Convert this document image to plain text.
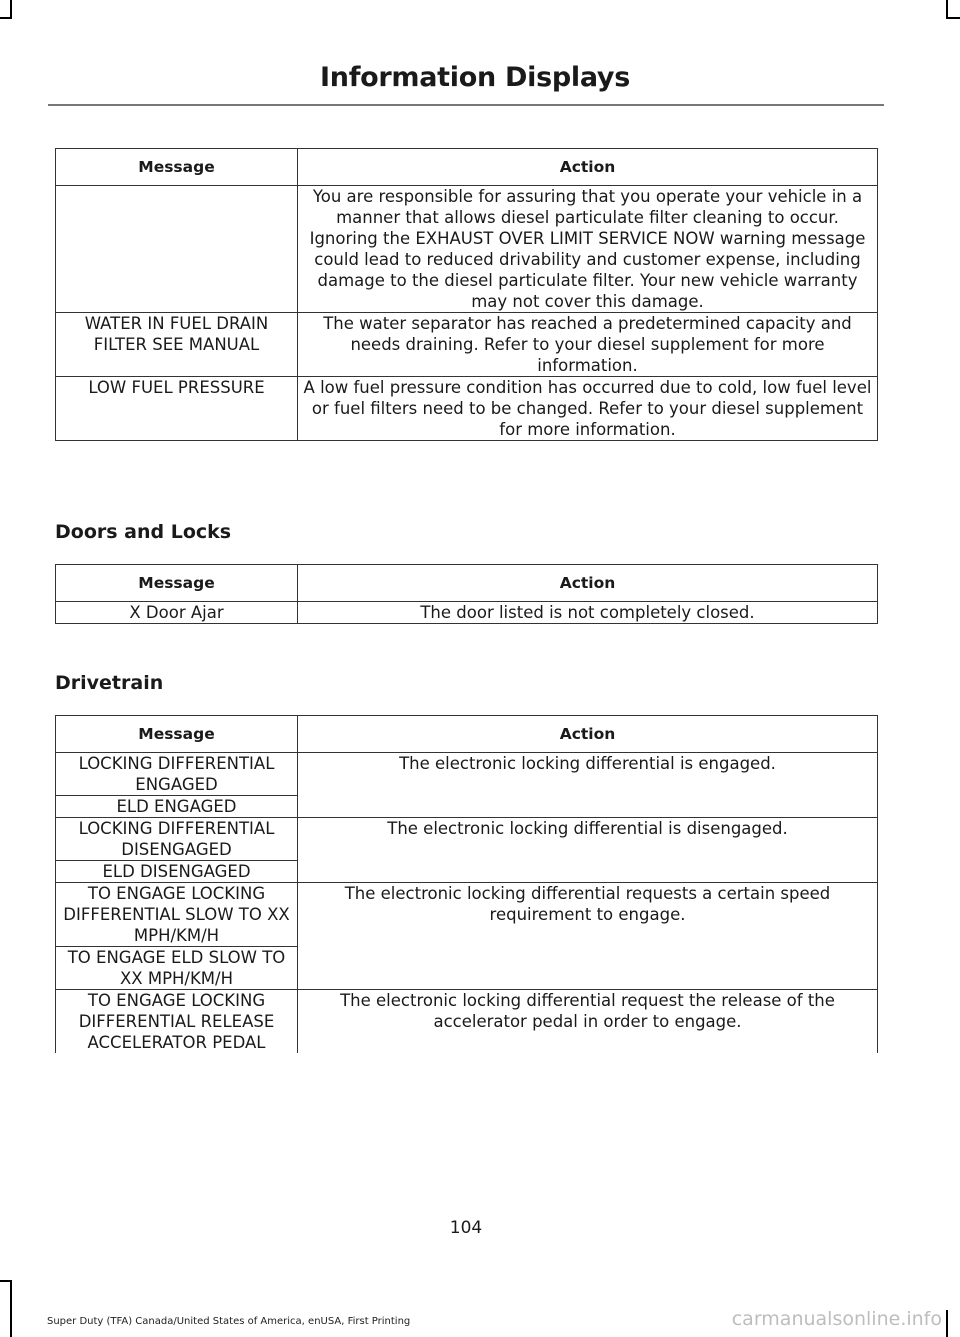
Information Displays
Message	Action
	You are responsible for assuring that you operate your vehicle in a manner that allows diesel particulate filter cleaning to occur. Ignoring the EXHAUST OVER LIMIT SERVICE NOW warning message could lead to reduced drivability and customer expense, including damage to the diesel particulate filter. Your new vehicle warranty may not cover this damage.
WATER IN FUEL DRAIN FILTER SEE MANUAL	The water separator has reached a predetermined capacity and needs draining. Refer to your diesel supplement for more information.
LOW FUEL PRESSURE	A low fuel pressure condition has occurred due to cold, low fuel level or fuel filters need to be changed. Refer to your diesel supplement for more information.
Doors and Locks
Message	Action
X Door Ajar	The door listed is not completely closed.
Drivetrain
Message	Action
LOCKING DIFFERENTIAL ENGAGED	The electronic locking differential is engaged.
ELD ENGAGED	
LOCKING DIFFERENTIAL DISENGAGED	The electronic locking differential is disengaged.
ELD DISENGAGED	
TO ENGAGE LOCKING DIFFERENTIAL SLOW TO XX MPH/KM/H	The electronic locking differential requests a certain speed requirement to engage.
TO ENGAGE ELD SLOW TO XX MPH/KM/H	
TO ENGAGE LOCKING DIFFERENTIAL RELEASE ACCELERATOR PEDAL	The electronic locking differential request the release of the accelerator pedal in order to engage.
104
Super Duty (TFA) Canada/United States of America, enUSA, First Printing	carmanualsonline.info
